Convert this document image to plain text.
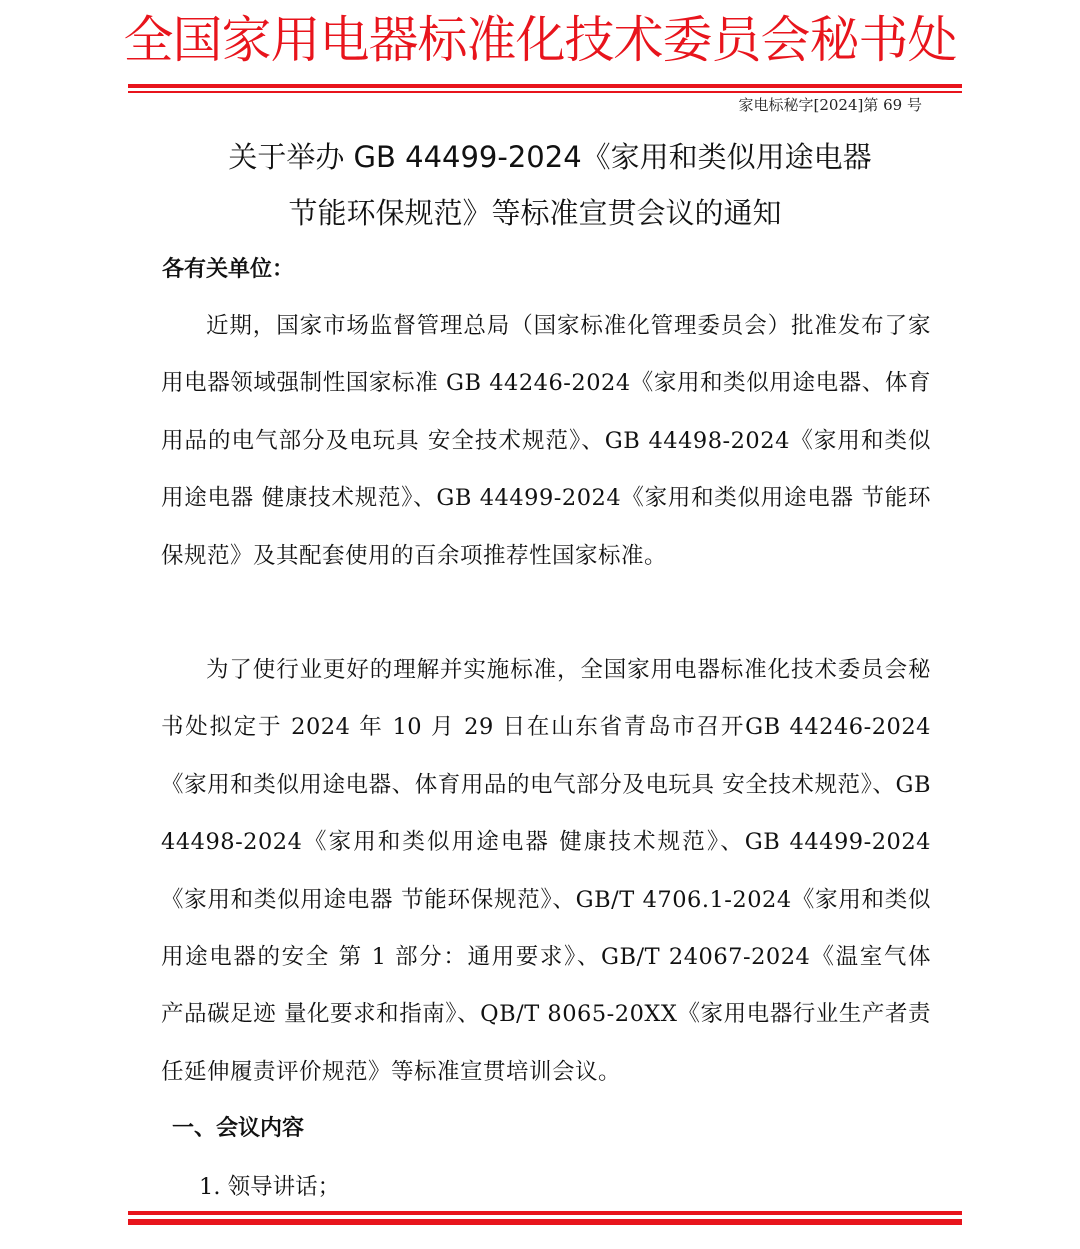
全国家用电器标准化技术委员会秘书处
家电标秘字[2024]第 69 号
关于举办 GB 44499-2024《家用和类似用途电器
节能环保规范》等标准宣贯会议的通知
各有关单位：

近期，国家市场监督管理总局（国家标准化管理委员会）批准发布了家用电器领域强制性国家标准 GB 44246-2024《家用和类似用途电器、体育用品的电气部分及电玩具 安全技术规范》、GB 44498-2024《家用和类似用途电器 健康技术规范》、GB 44499-2024《家用和类似用途电器 节能环保规范》及其配套使用的百余项推荐性国家标准。

为了使行业更好的理解并实施标准，全国家用电器标准化技术委员会秘书处拟定于 2024 年 10 月 29 日在山东省青岛市召开GB 44246-2024《家用和类似用途电器、体育用品的电气部分及电玩具 安全技术规范》、GB 44498-2024《家用和类似用途电器 健康技术规范》、GB 44499-2024《家用和类似用途电器 节能环保规范》、GB/T 4706.1-2024《家用和类似用途电器的安全 第 1 部分：通用要求》、GB/T 24067-2024《温室气体 产品碳足迹 量化要求和指南》、QB/T 8065-20XX《家用电器行业生产者责任延伸履责评价规范》等标准宣贯培训会议。

一、会议内容
1. 领导讲话；
